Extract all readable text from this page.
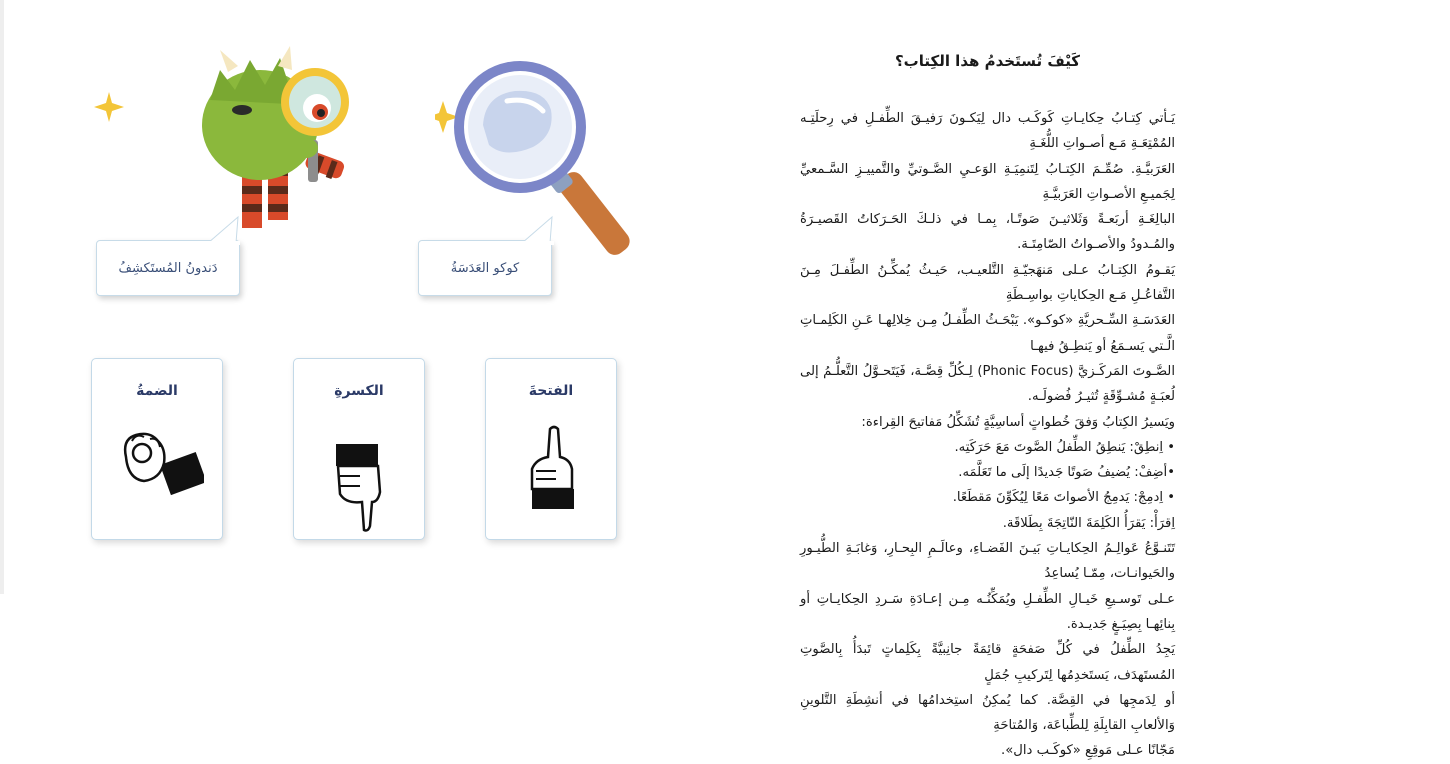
كَيْفَ تُستَخدمُ هذا الكِتاب؟
يَـأتي كِتـابُ حِكايـاتِ كَوكَـب دال لِيَكـونَ رَفيـقَ الطِّفـلِ في رِحلَتِـه المُمْتِعَـةِ مَـع أصـواتِ اللُّغَـةِ
العَرَبيَّـةِ. صُمِّـمَ الكِتـابُ لِتَنمِيَـةِ الوَعـيِ الصَّـوتيِّ والتَّمييـزِ السَّـمعيِّ لِجَميـعِ الأصـواتِ العَرَبيَّـةِ
البالِغَـةِ أربَعـةً وَثَلاثيـنَ صَوتًـا، بِمـا في ذلـكَ الحَـرَكاتُ القَصيـرَةُ والمُـدودُ والأصـواتُ الصّامِتَـة.
يَقـومُ الكِتـابُ عـلى مَنهَجيّـةِ التَّلعيـب، حَيـثُ يُمكِّـنُ الطِّفـلَ مِـنَ التَّفاعُـلِ مَـع الحِكاياتِ بواسِـطَةِ
العَدَسَـةِ السِّـحريَّةِ «كوكـو». يَبْحَـثُ الطِّفـلُ مِـن خِلالِهـا عَـنِ الكَلِمـاتِ الَّـتي يَسـمَعُ أو يَنطِـقُ فيهـا
الصَّـوتَ المَركَـزيَّ (Phonic Focus) لِـكُلِّ قِصَّـة، فَيَتَحـوَّلُ التَّعلُّـمُ إلى لُعبَـةٍ مُشـوِّقَةٍ تُثيـرُ فُضولَـه.
ويَسيرُ الكِتابُ وَفقَ خُطواتٍ أساسِيَّةٍ تُشَكِّلُ مَفاتيحَ القِراءة:
• اِنطِقْ: يَنطِقُ الطِّفلُ الصَّوتَ مَعَ حَرَكَتِه.
•أضِفْ: يُضيفُ صَوتًا جَديدًا إلَى ما تَعَلَّمَه.
• اِدمِجْ: يَدمِجُ الأصواتَ مَعًا لِيُكَوِّنَ مَقطَعًا.
اِقرَأْ: يَقرَأُ الكَلِمَةَ النّاتِجَةَ بِطَلاقَة.
تَتَنـوَّعُ عَوالِـمُ الحِكايـاتِ بَيـنَ الفَضـاءِ، وعالَـمِ البِحـارِ، وَغابَـةِ الطُّيـورِ والحَيوانـات، مِمّـا يُساعِدُ
عـلى تَوسـيعِ خَيـالِ الطِّفـلِ ويُمَكِّنُـه مِـن إعـادَةِ سَـردِ الحِكايـاتِ أو بِنائِهـا بِصِيَـغٍ جَديـدة.
يَجِدُ الطِّفلُ في كُلِّ صَفحَةٍ قائِمَةً جانِبيَّةً بِكَلِماتٍ تَبدَأُ بِالصَّوتِ المُستَهدَف، يَستَخدِمُها لِتَركيبِ جُمَلٍ
أو لِدَمجِها في القِصَّة. كما يُمكِنُ استِخدامُها في أنشِطَةِ التَّلوينِ وَالألعابِ القابِلَةِ لِلطِّباعَة، وَالمُتاحَةِ
مَجّانًا عـلى مَوقِعِ «كوكَـب دال».
دَندونُ المُستَكشِفُ	كوكو العَدَسَةُ
الضمة	الكسرة	الفتحة
